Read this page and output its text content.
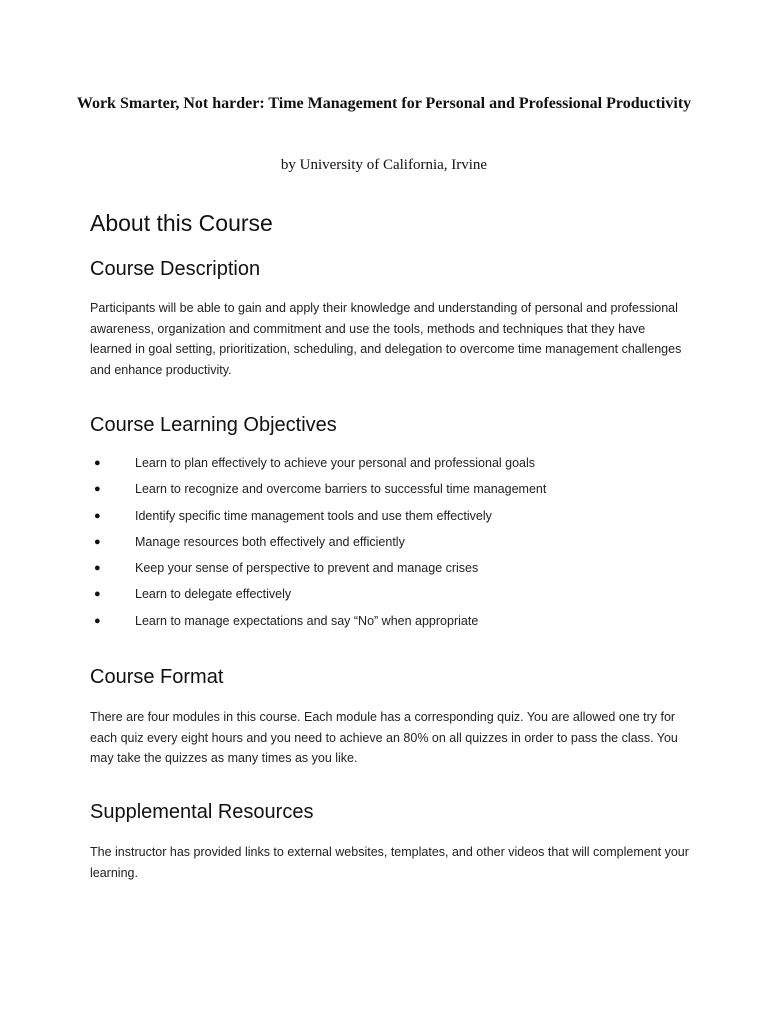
Work Smarter, Not harder: Time Management for Personal and Professional Productivity

by University of California, Irvine

About this Course
Course Description

Participants will be able to gain and apply their knowledge and understanding of personal and professional awareness, organization and commitment and use the tools, methods and techniques that they have learned in goal setting, prioritization, scheduling, and delegation to overcome time management challenges and enhance productivity.

Course Learning Objectives
●	Learn to plan effectively to achieve your personal and professional goals
●	Learn to recognize and overcome barriers to successful time management
●	Identify specific time management tools and use them effectively
●	Manage resources both effectively and efficiently
●	Keep your sense of perspective to prevent and manage crises
●	Learn to delegate effectively
●	Learn to manage expectations and say “No” when appropriate
Course Format

There are four modules in this course. Each module has a corresponding quiz. You are allowed one try for each quiz every eight hours and you need to achieve an 80% on all quizzes in order to pass the class. You may take the quizzes as many times as you like.

Supplemental Resources

The instructor has provided links to external websites, templates, and other videos that will complement your learning.
